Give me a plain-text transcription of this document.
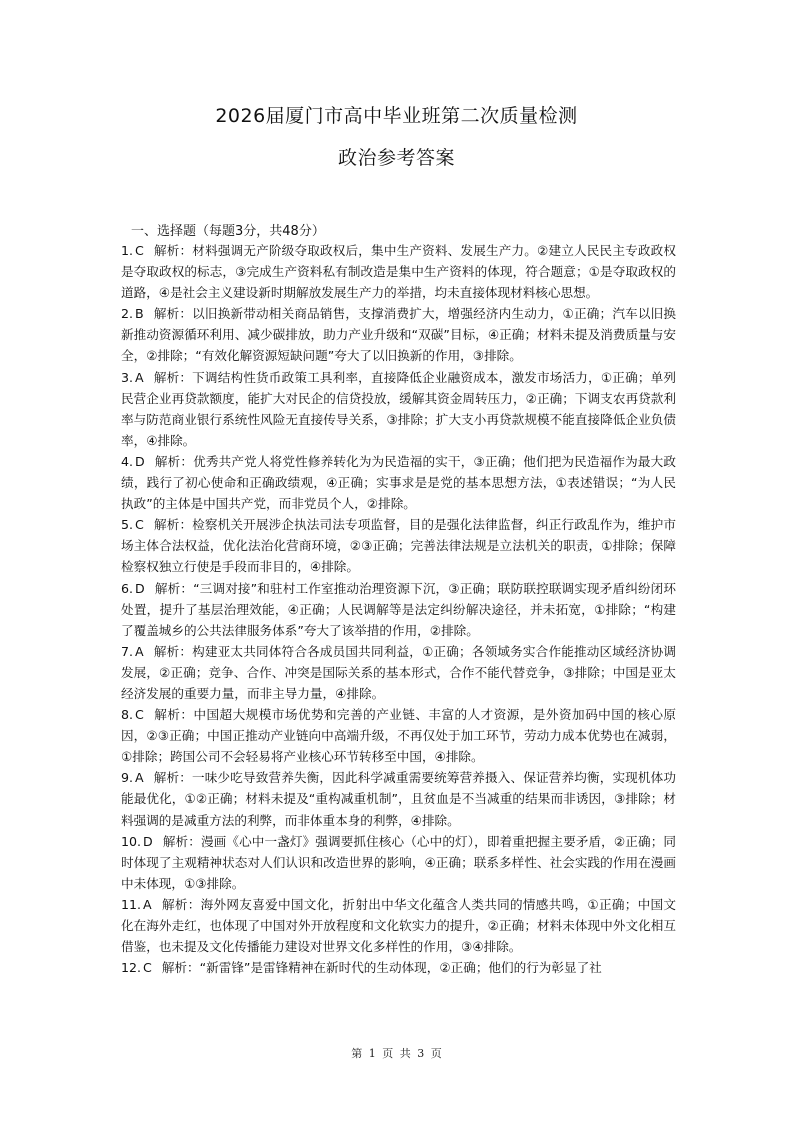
2026届厦门市高中毕业班第二次质量检测
政治参考答案
一、选择题（每题3分，共48分）

1. C 解析：材料强调无产阶级夺取政权后，集中生产资料、发展生产力。②建立人民民主专政政权是夺取政权的标志，③完成生产资料私有制改造是集中生产资料的体现，符合题意；①是夺取政权的道路，④是社会主义建设新时期解放发展生产力的举措，均未直接体现材料核心思想。

2. B 解析：以旧换新带动相关商品销售，支撑消费扩大，增强经济内生动力，①正确；汽车以旧换新推动资源循环利用、减少碳排放，助力产业升级和“双碳”目标，④正确；材料未提及消费质量与安全，②排除；“有效化解资源短缺问题”夸大了以旧换新的作用，③排除。

3. A 解析：下调结构性货币政策工具利率，直接降低企业融资成本，激发市场活力，①正确；单列民营企业再贷款额度，能扩大对民企的信贷投放，缓解其资金周转压力，②正确；下调支农再贷款利率与防范商业银行系统性风险无直接传导关系，③排除；扩大支小再贷款规模不能直接降低企业负债率，④排除。

4. D 解析：优秀共产党人将党性修养转化为为民造福的实干，③正确；他们把为民造福作为最大政绩，践行了初心使命和正确政绩观，④正确；实事求是是党的基本思想方法，①表述错误；“为人民执政”的主体是中国共产党，而非党员个人，②排除。

5. C 解析：检察机关开展涉企执法司法专项监督，目的是强化法律监督，纠正行政乱作为，维护市场主体合法权益，优化法治化营商环境，②③正确；完善法律法规是立法机关的职责，①排除；保障检察权独立行使是手段而非目的，④排除。

6. D 解析：“三调对接”和驻村工作室推动治理资源下沉，③正确；联防联控联调实现矛盾纠纷闭环处置，提升了基层治理效能，④正确；人民调解等是法定纠纷解决途径，并未拓宽，①排除；“构建了覆盖城乡的公共法律服务体系”夸大了该举措的作用，②排除。

7. A 解析：构建亚太共同体符合各成员国共同利益，①正确；各领域务实合作能推动区域经济协调发展，②正确；竞争、合作、冲突是国际关系的基本形式，合作不能代替竞争，③排除；中国是亚太经济发展的重要力量，而非主导力量，④排除。

8. C 解析：中国超大规模市场优势和完善的产业链、丰富的人才资源，是外资加码中国的核心原因，②③正确；中国正推动产业链向中高端升级，不再仅处于加工环节，劳动力成本优势也在减弱，①排除；跨国公司不会轻易将产业核心环节转移至中国，④排除。

9. A 解析：一味少吃导致营养失衡，因此科学减重需要统筹营养摄入、保证营养均衡，实现机体功能最优化，①②正确；材料未提及“重构减重机制”，且贫血是不当减重的结果而非诱因，③排除；材料强调的是减重方法的利弊，而非体重本身的利弊，④排除。

10. D 解析：漫画《心中一盏灯》强调要抓住核心（心中的灯），即着重把握主要矛盾，②正确；同时体现了主观精神状态对人们认识和改造世界的影响，④正确；联系多样性、社会实践的作用在漫画中未体现，①③排除。

11. A 解析：海外网友喜爱中国文化，折射出中华文化蕴含人类共同的情感共鸣，①正确；中国文化在海外走红，也体现了中国对外开放程度和文化软实力的提升，②正确；材料未体现中外文化相互借鉴，也未提及文化传播能力建设对世界文化多样性的作用，③④排除。

12. C 解析：“新雷锋”是雷锋精神在新时代的生动体现，②正确；他们的行为彰显了社

第 1 页 共 3 页
